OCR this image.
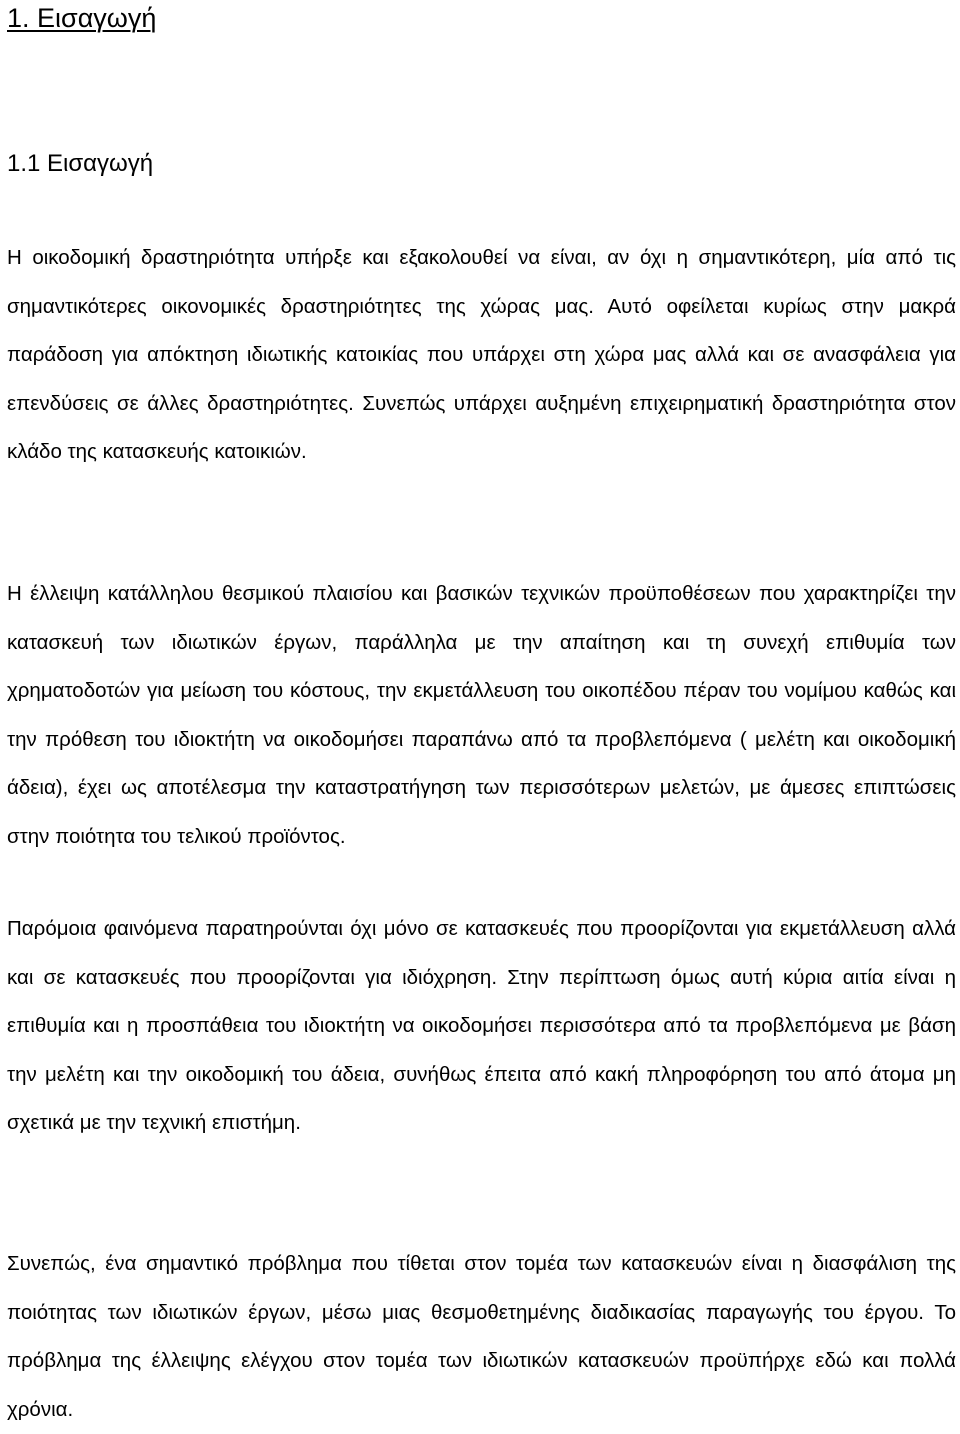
1. Εισαγωγή
1.1 Εισαγωγή

Η οικοδομική δραστηριότητα υπήρξε και εξακολουθεί να είναι, αν όχι η σημαντικότερη, μία από τις σημαντικότερες οικονομικές δραστηριότητες της χώρας μας. Αυτό οφείλεται κυρίως στην μακρά παράδοση για απόκτηση ιδιωτικής κατοικίας που υπάρχει στη χώρα μας αλλά και σε ανασφάλεια για επενδύσεις σε άλλες δραστηριότητες. Συνεπώς υπάρχει αυξημένη επιχειρηματική δραστηριότητα στον κλάδο της κατασκευής κατοικιών.

Η έλλειψη κατάλληλου θεσμικού πλαισίου και βασικών τεχνικών προϋποθέσεων που χαρακτηρίζει την κατασκευή των ιδιωτικών έργων, παράλληλα με την απαίτηση και τη συνεχή επιθυμία των χρηματοδοτών για μείωση του κόστους, την εκμετάλλευση του οικοπέδου πέραν του νομίμου καθώς και την πρόθεση του ιδιοκτήτη να οικοδομήσει παραπάνω από τα προβλεπόμενα ( μελέτη και οικοδομική άδεια), έχει ως αποτέλεσμα την καταστρατήγηση των περισσότερων μελετών, με άμεσες επιπτώσεις στην ποιότητα του τελικού προϊόντος.

Παρόμοια φαινόμενα παρατηρούνται όχι μόνο σε κατασκευές που προορίζονται για εκμετάλλευση αλλά και σε κατασκευές που προορίζονται για ιδιόχρηση. Στην περίπτωση όμως αυτή κύρια αιτία είναι η επιθυμία και η προσπάθεια του ιδιοκτήτη να οικοδομήσει περισσότερα από τα προβλεπόμενα με βάση την μελέτη και την οικοδομική του άδεια, συνήθως έπειτα από κακή πληροφόρηση του από άτομα μη σχετικά με την τεχνική επιστήμη.

Συνεπώς, ένα σημαντικό πρόβλημα που τίθεται στον τομέα των κατασκευών είναι η διασφάλιση της ποιότητας των ιδιωτικών έργων, μέσω μιας θεσμοθετημένης διαδικασίας παραγωγής του έργου. Το πρόβλημα της έλλειψης ελέγχου στον τομέα των ιδιωτικών κατασκευών προϋπήρχε εδώ και πολλά χρόνια.
